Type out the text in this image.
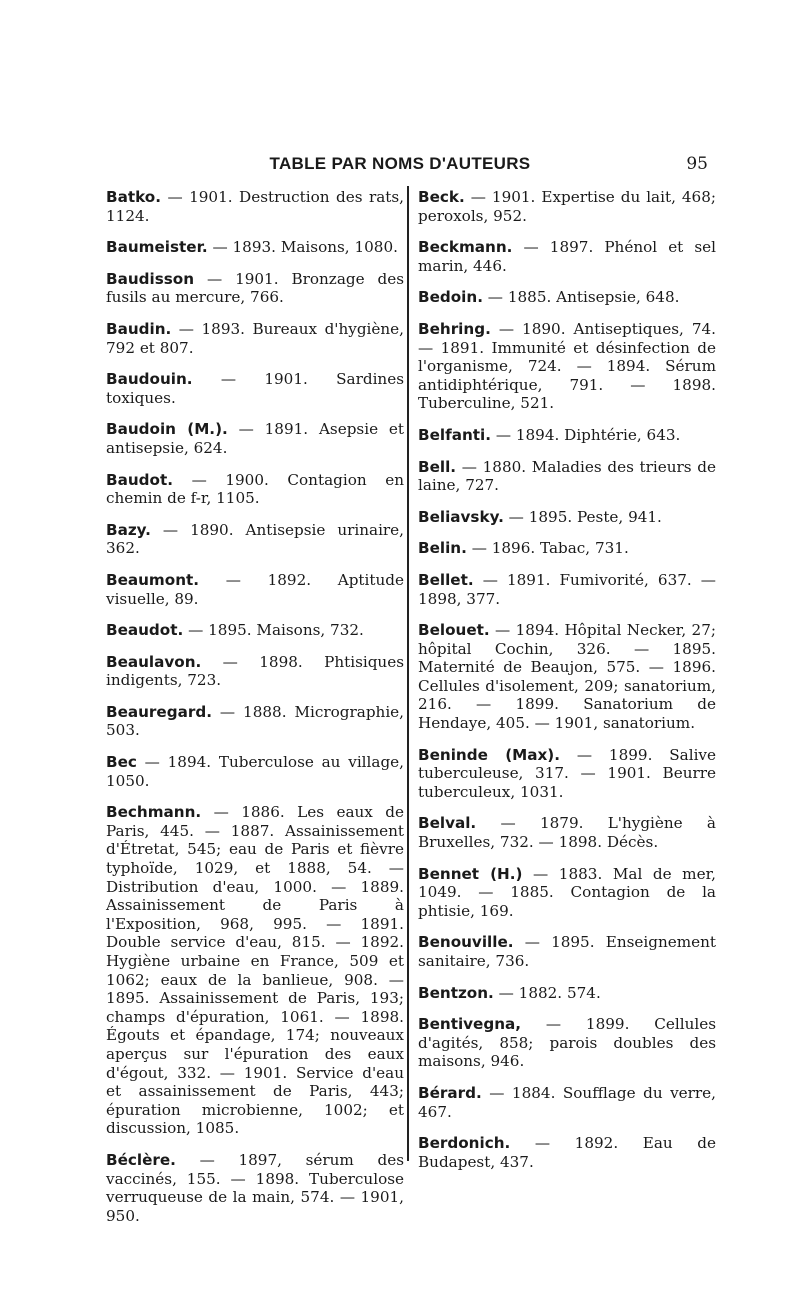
TABLE PAR NOMS D'AUTEURS	95
Batko. — 1901. Destruction des rats, 1124.
Baumeister. — 1893. Maisons, 1080.
Baudisson — 1901. Bronzage des fusils au mercure, 766.
Baudin. — 1893. Bureaux d'hygiène, 792 et 807.
Baudouin. — 1901. Sardines toxiques.
Baudoin (M.). — 1891. Asepsie et antisepsie, 624.
Baudot. — 1900. Contagion en chemin de f-r, 1105.
Bazy. — 1890. Antisepsie urinaire, 362.
Beaumont. — 1892. Aptitude visuelle, 89.
Beaudot. — 1895. Maisons, 732.
Beaulavon. — 1898. Phtisiques indigents, 723.
Beauregard. — 1888. Micrographie, 503.
Bec — 1894. Tuberculose au village, 1050.
Bechmann. — 1886. Les eaux de Paris, 445. — 1887. Assainissement d'Étretat, 545; eau de Paris et fièvre typhoïde, 1029, et 1888, 54. — Distribution d'eau, 1000. — 1889. Assainissement de Paris à l'Exposition, 968, 995. — 1891. Double service d'eau, 815. — 1892. Hygiène urbaine en France, 509 et 1062; eaux de la banlieue, 908. — 1895. Assainissement de Paris, 193; champs d'épuration, 1061. — 1898. Égouts et épandage, 174; nouveaux aperçus sur l'épuration des eaux d'égout, 332. — 1901. Service d'eau et assainissement de Paris, 443; épuration microbienne, 1002; et discussion, 1085.
Béclère. — 1897, sérum des vaccinés, 155. — 1898. Tuberculose verruqueuse de la main, 574. — 1901, 950.
Beck. — 1901. Expertise du lait, 468; peroxols, 952.
Beckmann. — 1897. Phénol et sel marin, 446.
Bedoin. — 1885. Antisepsie, 648.
Behring. — 1890. Antiseptiques, 74. — 1891. Immunité et désinfection de l'organisme, 724. — 1894. Sérum antidiphtérique, 791. — 1898. Tuberculine, 521.
Belfanti. — 1894. Diphtérie, 643.
Bell. — 1880. Maladies des trieurs de laine, 727.
Beliavsky. — 1895. Peste, 941.
Belin. — 1896. Tabac, 731.
Bellet. — 1891. Fumivorité, 637. — 1898, 377.
Belouet. — 1894. Hôpital Necker, 27; hôpital Cochin, 326. — 1895. Maternité de Beaujon, 575. — 1896. Cellules d'isolement, 209; sanatorium, 216. — 1899. Sanatorium de Hendaye, 405. — 1901, sanatorium.
Beninde (Max). — 1899. Salive tuberculeuse, 317. — 1901. Beurre tuberculeux, 1031.
Belval. — 1879. L'hygiène à Bruxelles, 732. — 1898. Décès.
Bennet (H.) — 1883. Mal de mer, 1049. — 1885. Contagion de la phtisie, 169.
Benouville. — 1895. Enseignement sanitaire, 736.
Bentzon. — 1882. 574.
Bentivegna, — 1899. Cellules d'agités, 858; parois doubles des maisons, 946.
Bérard. — 1884. Soufflage du verre, 467.
Berdonich. — 1892. Eau de Budapest, 437.
